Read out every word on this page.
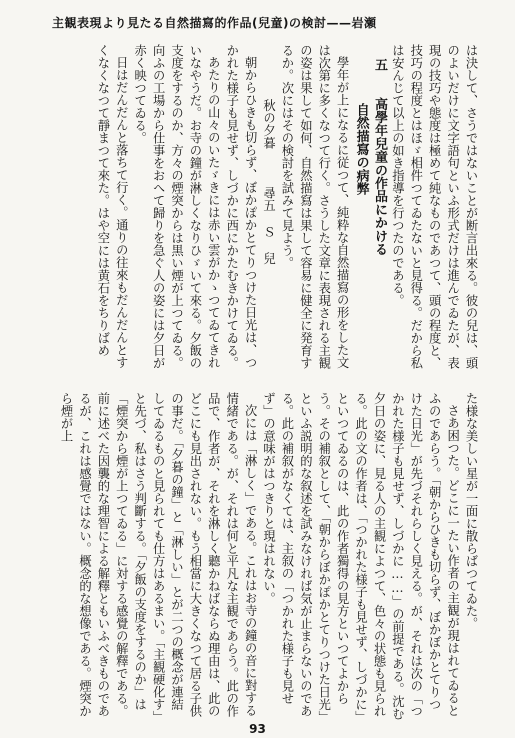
主観表現より見たる自然描寫的作品(兒童)の検討——岩瀬

は決して、さうではないことが断言出來る。彼の兒は、頭のよいだけに文字語句といふ形式だけは進んでゐたが、表現の技巧や態度は極めて純なものであつて、頭の程度と、技巧の程度とはほゞ相件つてゐたないと見得る。だから私は安んじて以上の如き指導を行つたのである。

五　高學年兒童の作品にかける
自然描寫の病弊

學年が上になるに従つて、純粋な自然描寫の形をした文は次第に多くなつて行く。さうした文章に表現される主観の姿は果して如何、自然描寫は果して容易に健全に発育するか。次にはその検討を試みて見よう。

秋の夕暮　　　尋五 Ｓ 兒

朝からひきも切らず、ぼかぽかとてりつけた日光は、つかれた様子も見せず、しづかに西にかたむきかけてゐる。

あたりの山々のいたゞきには赤い雲がかゝつてゐてきれいなやうだ。お寺の鐘が淋しくなりひゞいて來る。夕飯の支度をするのか、方々の煙突からは黒い煙が上つてゐる。向ふの工場から仕事をおへて歸りを急ぐ人の姿には夕日が赤く映つてゐる。

日はだんだんと落ちて行く。通りの往來もだんだんとすくなくなつて靜まつて來た。はや空には黄石をちりばめ

た様な美しい星が一面に散らばつてゐた。

さあ困つた。どこに一たい作者の主観が現はれてゐるとふのであらう。「朝からひきも切らず、ぼかぼかとてりつけた日光」が先づそれらしく見える。が、それは次の「つかれた様子も見せず、しづかに……」の前提である。沈む夕日の姿に、見る人の主観によつて、色々の状態も見られる。此の文の作者は、「つかれた様子も見せず、しづかに」といつてゐるのは、此の作者獨得の見方といつてよからう。その補叙として、「朝からぼかぽかとてりつけた日光」といふ説明的な叙述を試みなければ気が止まらないのである。此の補叙がなくては、主叙の「つかれた様子も見せず」の意味がはつきりと現はれない。

次には「淋しく」である。これはお寺の鐘の音に對する情緒である。が、それは何と平凡な主観であらう。此の作品で、作者が、それを淋しく聽かねばならぬ理由は、此のどこにも見出されない。もう相當に大きくなつて居る子供の事だ。「夕暮の鐘」と「淋しい」とが二つの概念が連結してゐるものと見られても仕方はあるまい。「主観硬化す」と先づ、私はさう判斷する。「夕飯の支度をするのか」は「煙突から煙が上つてゐる」に対する感覺の解釋である。前に述べた因襲的な理智による解釋ともいふべきものであるが、これは感覺ではない。概念的な想像である。煙突から煙が上

93
